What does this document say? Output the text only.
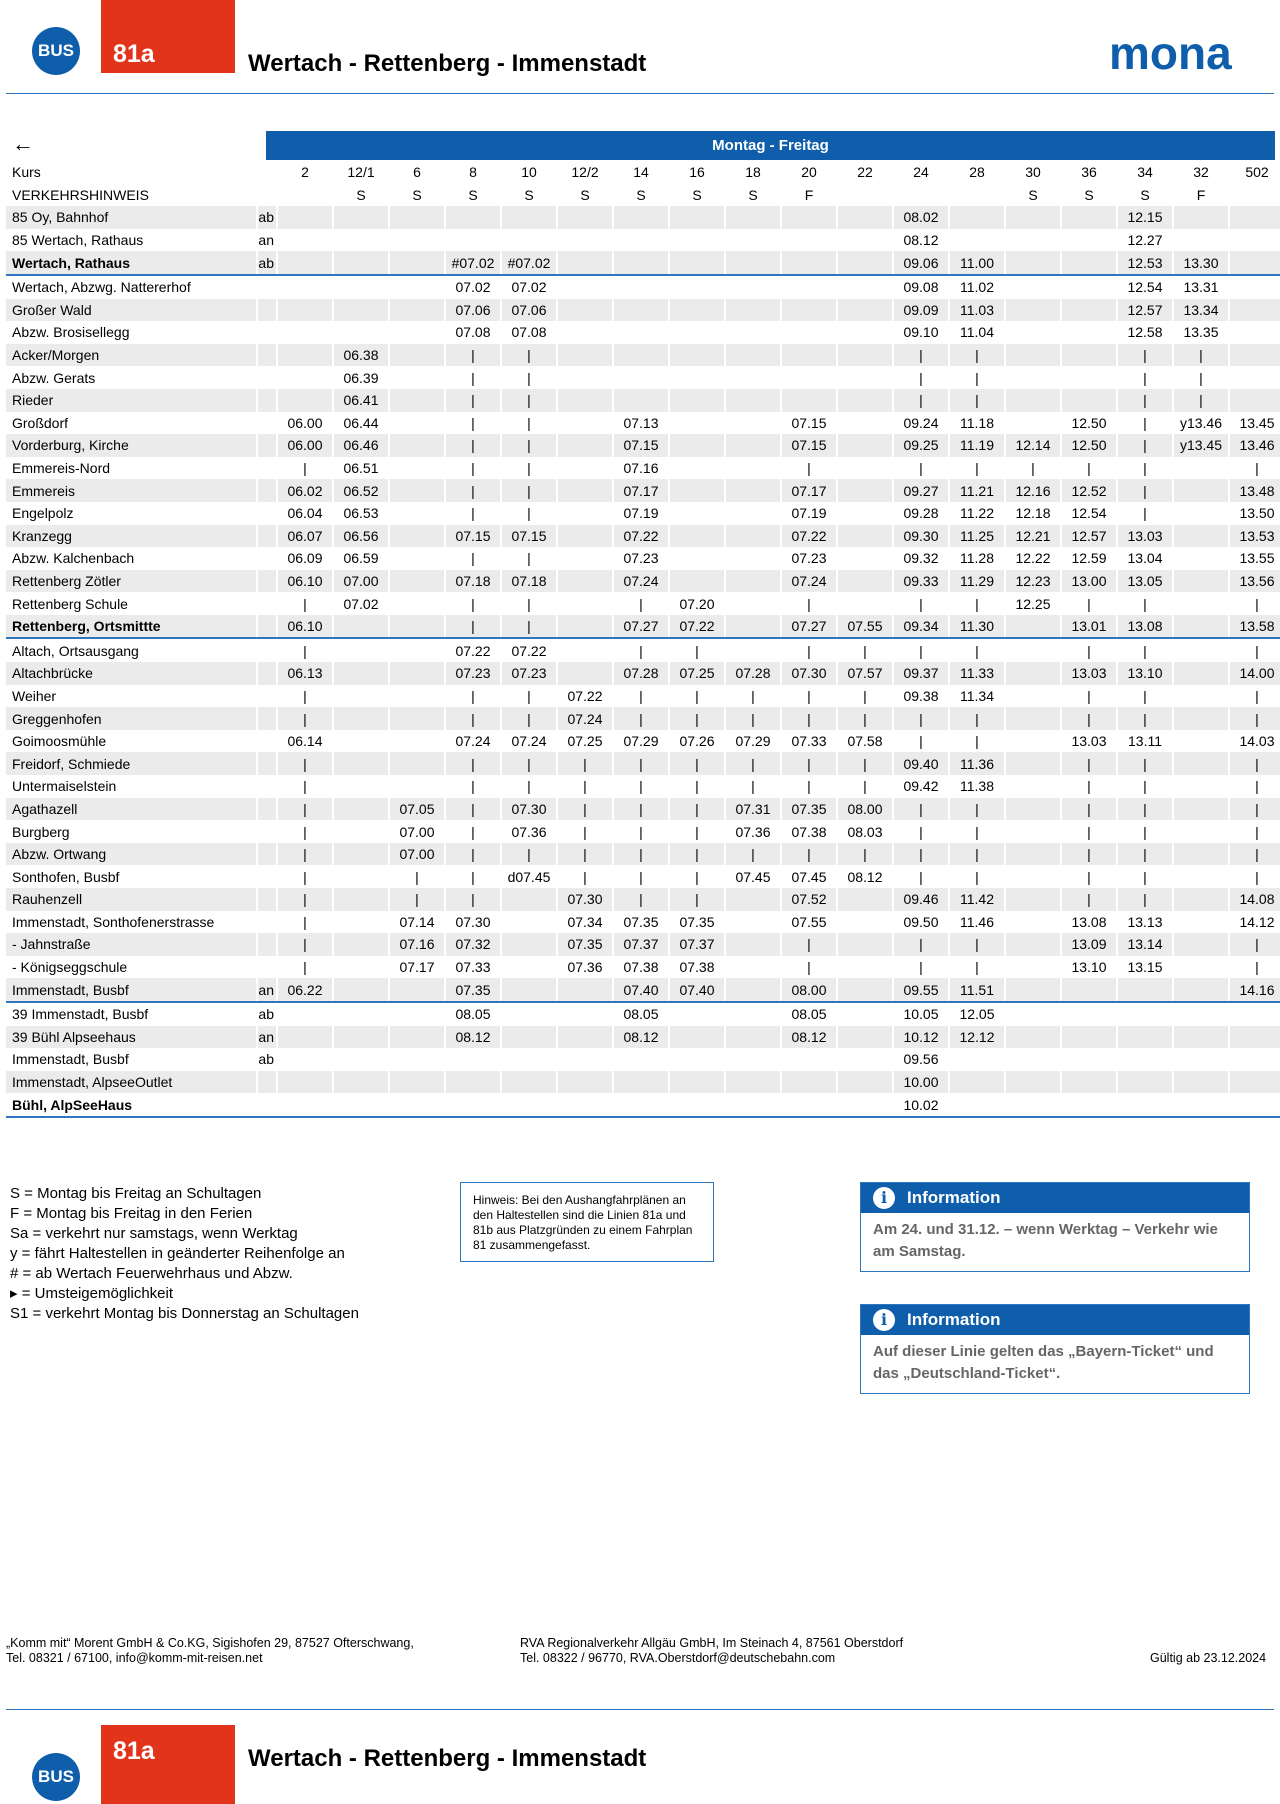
BUS 81a	Wertach - Rettenberg - Immenstadt	mona
←	Montag - Freitag
Kurs		2	12/1	6	8	10	12/2	14	16	18	20	22	24	28	30	36	34	32	502
VERKEHRSHINWEIS			S	S	S	S	S	S	S	S	F				S	S	S	F	
85 Oy, Bahnhof	ab												08.02				12.15		
85 Wertach, Rathaus	an												08.12				12.27		
Wertach, Rathaus	ab				#07.02	#07.02							09.06	11.00			12.53	13.30	
Wertach, Abzwg. Nattererhof					07.02	07.02							09.08	11.02			12.54	13.31	
Großer Wald					07.06	07.06							09.09	11.03			12.57	13.34	
Abzw. Brosisellegg					07.08	07.08							09.10	11.04			12.58	13.35	
Acker/Morgen			06.38		|	|							|	|			|	|	
Abzw. Gerats			06.39		|	|							|	|			|	|	
Rieder			06.41		|	|							|	|			|	|	
Großdorf		06.00	06.44		|	|		07.13			07.15		09.24	11.18		12.50	|	y13.46	13.45
Vorderburg, Kirche		06.00	06.46		|	|		07.15			07.15		09.25	11.19	12.14	12.50	|	y13.45	13.46
Emmereis-Nord		|	06.51		|	|		07.16			|		|	|	|	|	|		|
Emmereis		06.02	06.52		|	|		07.17			07.17		09.27	11.21	12.16	12.52	|		13.48
Engelpolz		06.04	06.53		|	|		07.19			07.19		09.28	11.22	12.18	12.54	|		13.50
Kranzegg		06.07	06.56		07.15	07.15		07.22			07.22		09.30	11.25	12.21	12.57	13.03		13.53
Abzw. Kalchenbach		06.09	06.59		|	|		07.23			07.23		09.32	11.28	12.22	12.59	13.04		13.55
Rettenberg Zötler		06.10	07.00		07.18	07.18		07.24			07.24		09.33	11.29	12.23	13.00	13.05		13.56
Rettenberg Schule		|	07.02		|	|		|	07.20		|		|	|	12.25	|	|		|
Rettenberg, Ortsmittte		06.10			|	|		07.27	07.22		07.27	07.55	09.34	11.30		13.01	13.08		13.58
Altach, Ortsausgang		|			07.22	07.22		|	|		|	|	|	|		|	|		|
Altachbrücke		06.13			07.23	07.23		07.28	07.25	07.28	07.30	07.57	09.37	11.33		13.03	13.10		14.00
Weiher		|			|	|	07.22	|	|	|	|	|	09.38	11.34		|	|		|
Greggenhofen		|			|	|	07.24	|	|	|	|	|	|	|		|	|		|
Goimoosmühle		06.14			07.24	07.24	07.25	07.29	07.26	07.29	07.33	07.58	|	|		13.03	13.11		14.03
Freidorf, Schmiede		|			|	|	|	|	|	|	|	|	09.40	11.36		|	|		|
Untermaiselstein		|			|	|	|	|	|	|	|	|	09.42	11.38		|	|		|
Agathazell		|		07.05	|	07.30	|	|	|	07.31	07.35	08.00	|	|		|	|		|
Burgberg		|		07.00	|	07.36	|	|	|	07.36	07.38	08.03	|	|		|	|		|
Abzw. Ortwang		|		07.00	|	|	|	|	|	|	|	|	|	|		|	|		|
Sonthofen, Busbf		|		|	|	d07.45	|	|	|	07.45	07.45	08.12	|	|		|	|		|
Rauhenzell		|		|	|		07.30	|	|		07.52		09.46	11.42		|	|		14.08
Immenstadt, Sonthofenerstrasse		|		07.14	07.30		07.34	07.35	07.35		07.55		09.50	11.46		13.08	13.13		14.12
- Jahnstraße		|		07.16	07.32		07.35	07.37	07.37		|		|	|		13.09	13.14		|
- Königseggschule		|		07.17	07.33		07.36	07.38	07.38		|		|	|		13.10	13.15		|
Immenstadt, Busbf	an	06.22			07.35			07.40	07.40		08.00		09.55	11.51					14.16
39 Immenstadt, Busbf	ab				08.05			08.05			08.05		10.05	12.05					
39 Bühl Alpseehaus	an				08.12			08.12			08.12		10.12	12.12					
Immenstadt, Busbf	ab												09.56						
Immenstadt, AlpseeOutlet													10.00						
Bühl, AlpSeeHaus													10.02						
S = Montag bis Freitag an Schultagen
F = Montag bis Freitag in den Ferien
Sa = verkehrt nur samstags, wenn Werktag
y = fährt Haltestellen in geänderter Reihenfolge an
# = ab Wertach Feuerwehrhaus und Abzw.
▸ = Umsteigemöglichkeit
S1 = verkehrt Montag bis Donnerstag an Schultagen
Hinweis: Bei den Aushangfahrplänen an den Haltestellen sind die Linien 81a und 81b aus Platzgründen zu einem Fahrplan 81 zusammengefasst.
i	Information
Am 24. und 31.12. – wenn Werktag – Verkehr wie am Samstag.
i	Information
Auf dieser Linie gelten das „Bayern-Ticket“ und das „Deutschland-Ticket“.
„Komm mit“ Morent GmbH & Co.KG, Sigishofen 29, 87527 Ofterschwang,
Tel. 08321 / 67100, info@komm-mit-reisen.net
RVA Regionalverkehr Allgäu GmbH, Im Steinach 4, 87561 Oberstdorf
Tel. 08322 / 96770, RVA.Oberstdorf@deutschebahn.com	Gültig ab 23.12.2024
BUS
81a	Wertach - Rettenberg - Immenstadt
